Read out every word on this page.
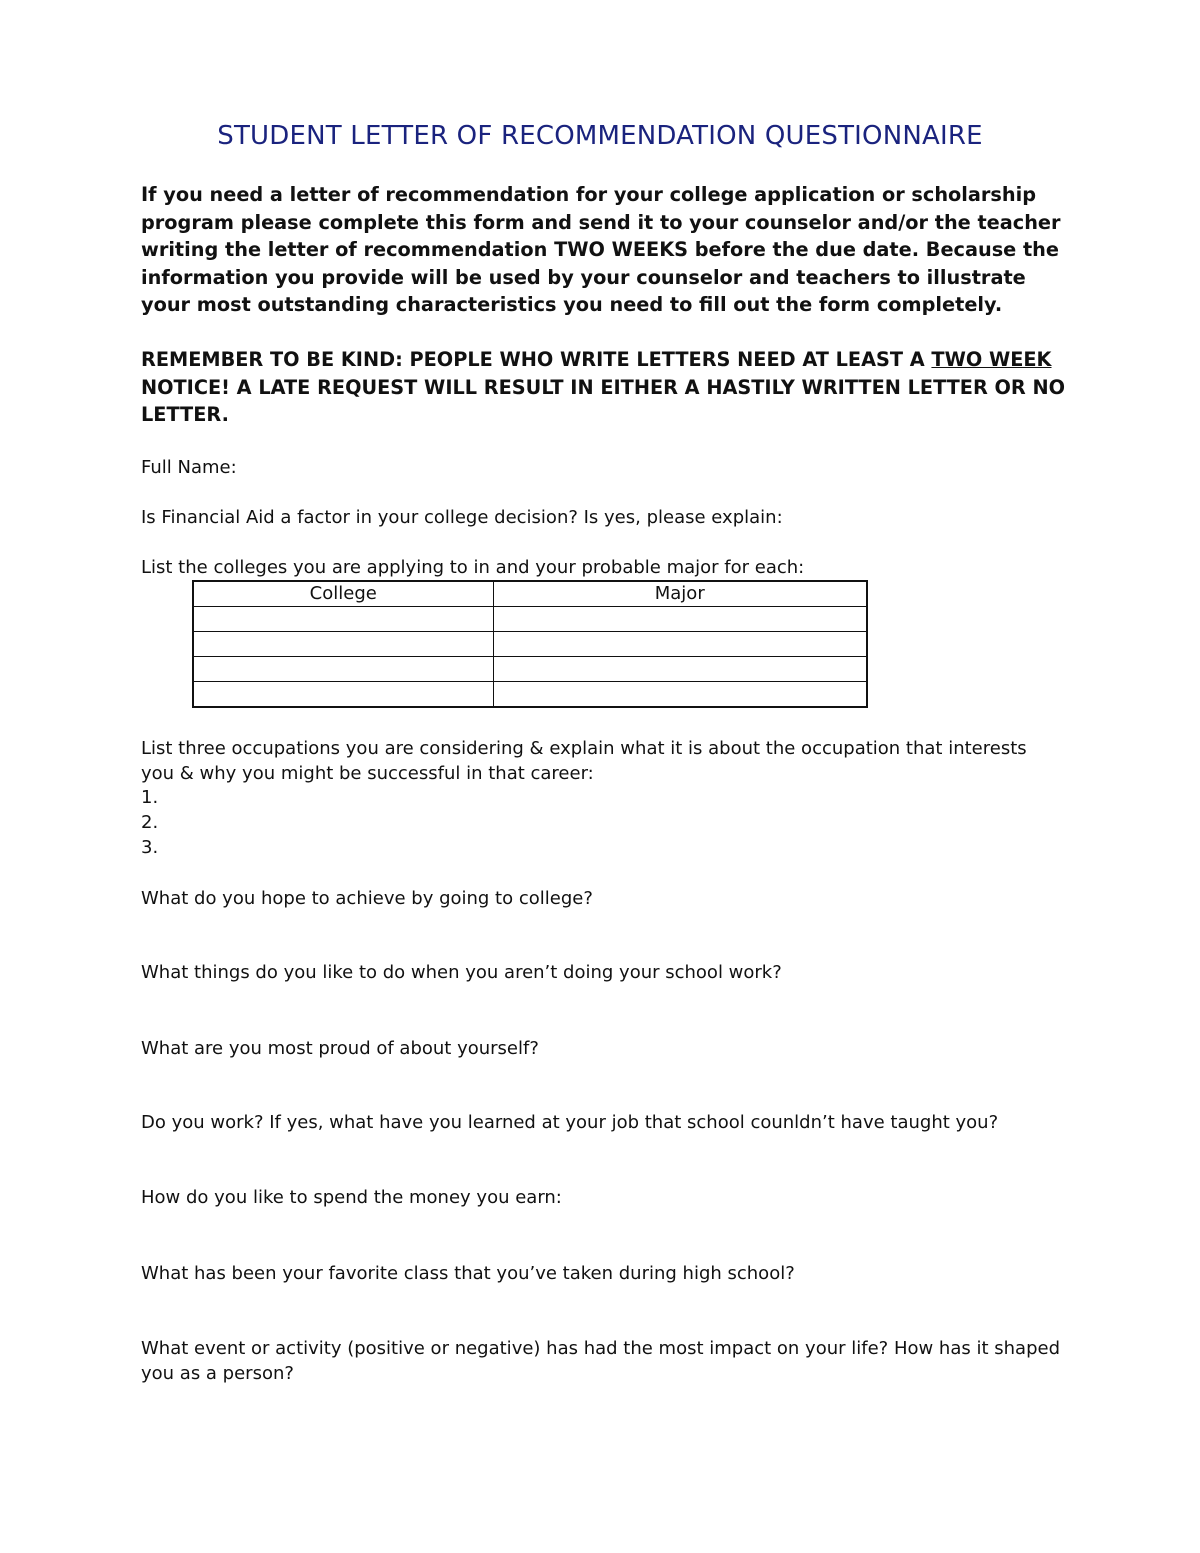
STUDENT LETTER OF RECOMMENDATION QUESTIONNAIRE
If you need a letter of recommendation for your college application or scholarship program please complete this form and send it to your counselor and/or the teacher writing the letter of recommendation TWO WEEKS before the due date. Because the information you provide will be used by your counselor and teachers to illustrate your most outstanding characteristics you need to fill out the form completely.
REMEMBER TO BE KIND: PEOPLE WHO WRITE LETTERS NEED AT LEAST A TWO WEEK NOTICE! A LATE REQUEST WILL RESULT IN EITHER A HASTILY WRITTEN LETTER OR NO LETTER.
Full Name:
Is Financial Aid a factor in your college decision? Is yes, please explain:
List the colleges you are applying to in and your probable major for each:
College	Major

List three occupations you are considering & explain what it is about the occupation that interests you & why you might be successful in that career:
1.
2.
3.
What do you hope to achieve by going to college?
What things do you like to do when you aren’t doing your school work?
What are you most proud of about yourself?
Do you work? If yes, what have you learned at your job that school counldn’t have taught you?
How do you like to spend the money you earn:
What has been your favorite class that you’ve taken during high school?
What event or activity (positive or negative) has had the most impact on your life? How has it shaped you as a person?
